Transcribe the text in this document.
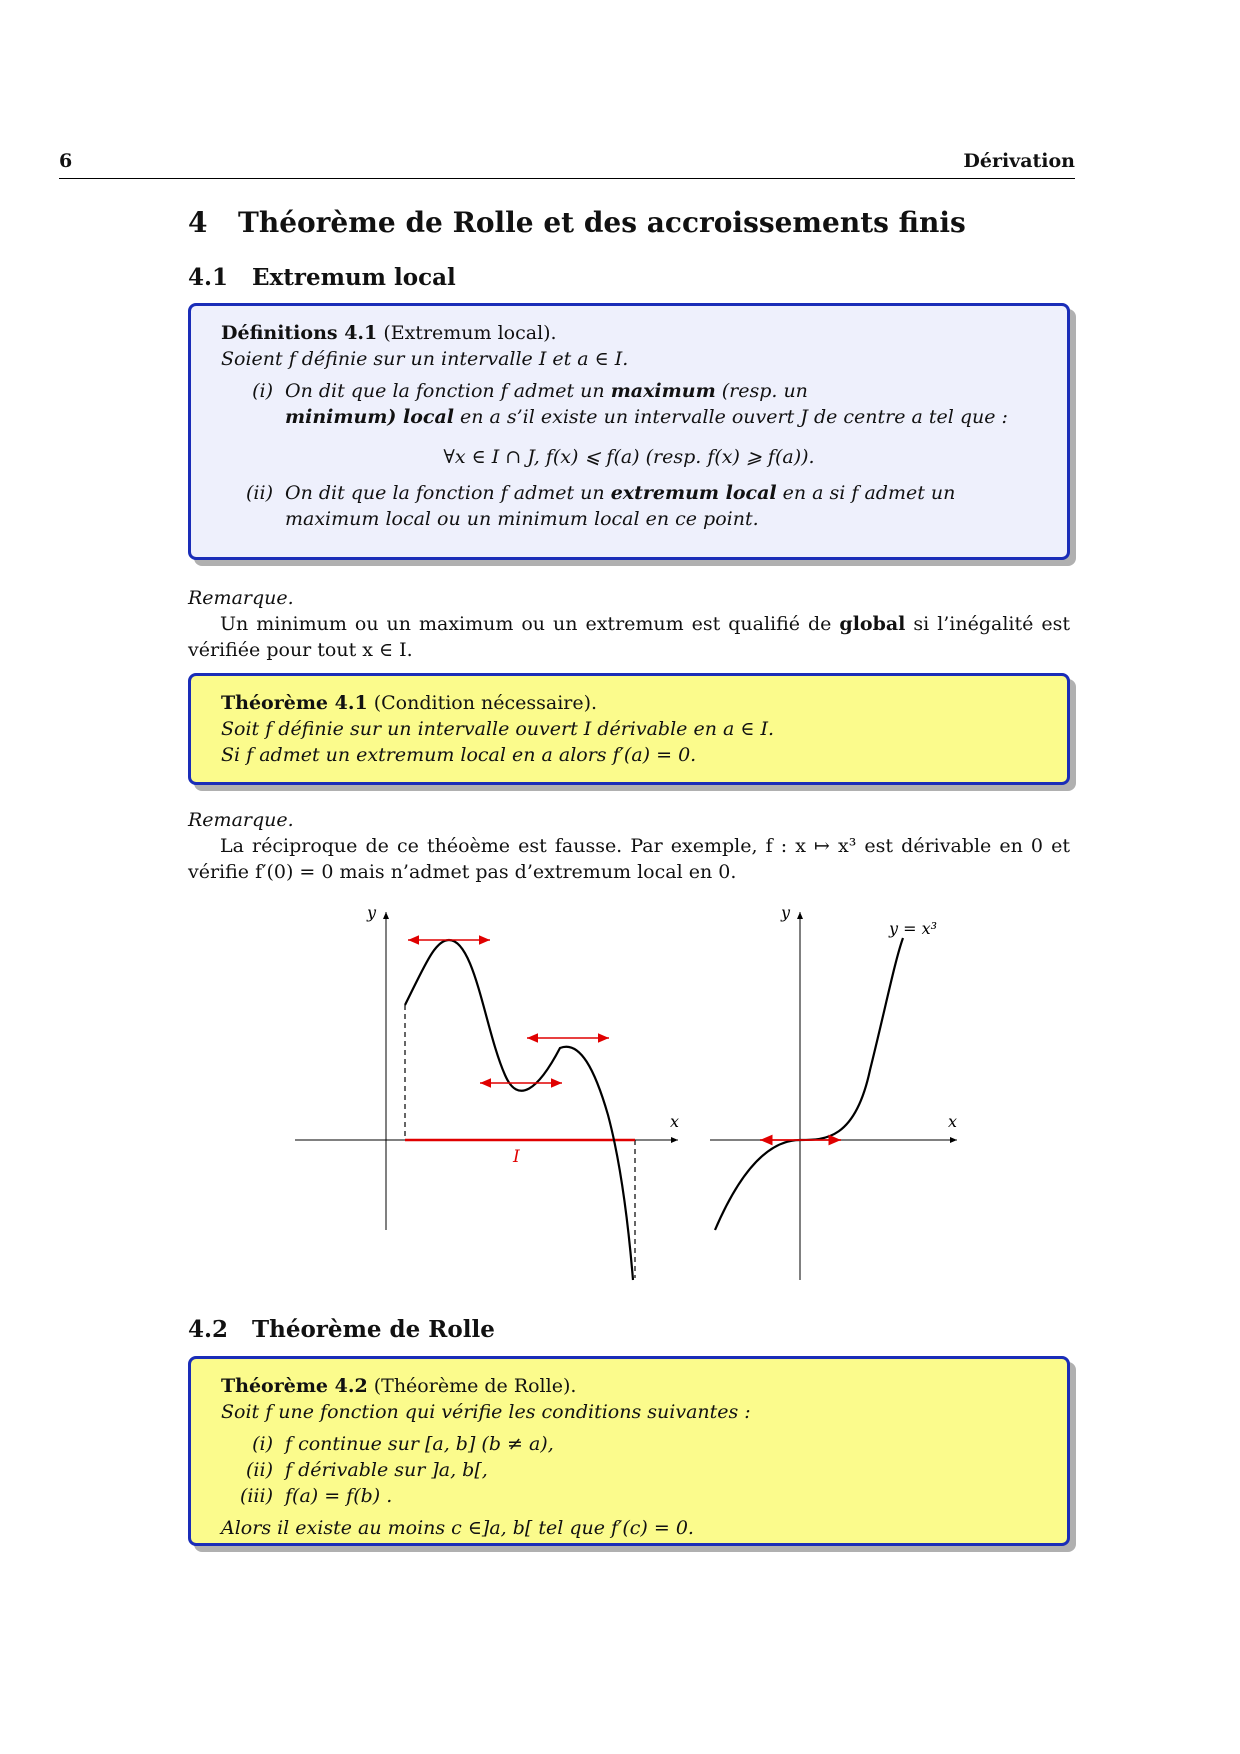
6	Dérivation
4 Théorème de Rolle et des accroissements finis
4.1 Extremum local
Définitions 4.1 (Extremum local).
Soient f définie sur un intervalle I et a ∈ I.
(i) On dit que la fonction f admet un maximum (resp. un
minimum) local en a s’il existe un intervalle ouvert J de centre a tel que :
∀x ∈ I ∩ J, f(x) ⩽ f(a) (resp. f(x) ⩾ f(a)).
(ii) On dit que la fonction f admet un extremum local en a si f admet un maximum local ou un minimum local en ce point.
Remarque.
Un minimum ou un maximum ou un extremum est qualifié de global si l’inégalité est vérifiée pour tout x ∈ I.
Théorème 4.1 (Condition nécessaire).
Soit f définie sur un intervalle ouvert I dérivable en a ∈ I.
Si f admet un extremum local en a alors f′(a) = 0.
Remarque.
La réciproque de ce théoème est fausse. Par exemple, f : x ↦ x³ est dérivable en 0 et vérifie f′(0) = 0 mais n’admet pas d’extremum local en 0.
y
x
I
y
x
y = x³
4.2 Théorème de Rolle
Théorème 4.2 (Théorème de Rolle).
Soit f une fonction qui vérifie les conditions suivantes :
(i) f continue sur [a, b] (b ≠ a),
(ii) f dérivable sur ]a, b[,
(iii) f(a) = f(b) .
Alors il existe au moins c ∈]a, b[ tel que f′(c) = 0.
